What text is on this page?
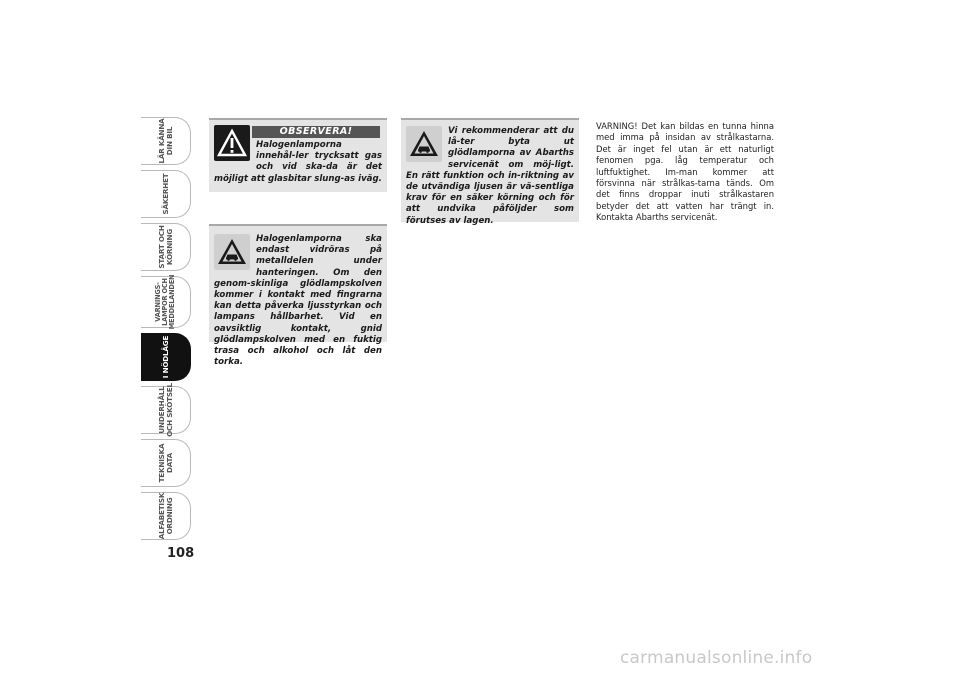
LÄR KÄNNA
DIN BIL
SÄKERHET
START OCH
KÖRNING
VARNINGS-
LAMPOR OCH
MEDDELANDEN
I NÖDLÄGE
UNDERHÅLL
OCH SKÖTSEL
TEKNISKA
DATA
ALFABETISK
ORDNING
108
OBSERVERA!
Halogenlamporna innehål-ler trycksatt gas och vid ska-da är det möjligt att glasbitar slung-as iväg.
Halogenlamporna ska endast vidröras på metalldelen under hanteringen. Om den genom-skinliga glödlampskolven kommer i kontakt med fingrarna kan detta påverka ljusstyrkan och lampans hållbarhet. Vid en oavsiktlig kontakt, gnid glödlampskolven med en fuktig trasa och alkohol och låt den torka.
Vi rekommenderar att du lå-ter byta ut glödlamporna av Abarths servicenät om möj-ligt. En rätt funktion och in-riktning av de utvändiga ljusen är vä-sentliga krav för en säker körning och för att undvika påföljder som förutses av lagen.
VARNING! Det kan bildas en tunna hinna med imma på insidan av strålkastarna. Det är inget fel utan är ett naturligt fenomen pga. låg temperatur och luftfuktighet. Im-man kommer att försvinna när strålkas-tarna tänds. Om det finns droppar inuti strålkastaren betyder det att vatten har trängt in. Kontakta Abarths servicenät.
carmanualsonline.info
